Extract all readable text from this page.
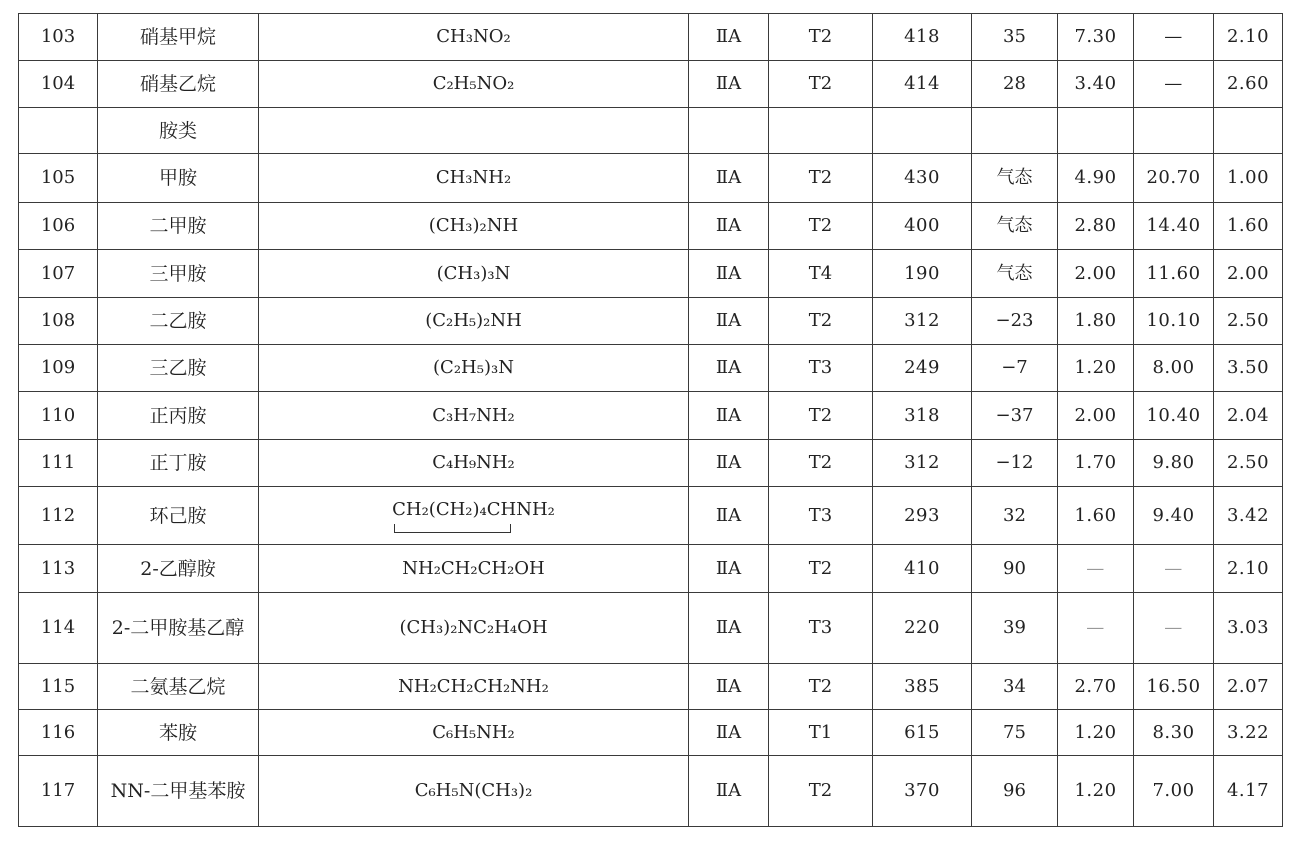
103	硝基甲烷	CH₃NO₂	ⅡA	T2	418	35	7.30	—	2.10
104	硝基乙烷	C₂H₅NO₂	ⅡA	T2	414	28	3.40	—	2.60
	胺类								
105	甲胺	CH₃NH₂	ⅡA	T2	430	气态	4.90	20.70	1.00
106	二甲胺	(CH₃)₂NH	ⅡA	T2	400	气态	2.80	14.40	1.60
107	三甲胺	(CH₃)₃N	ⅡA	T4	190	气态	2.00	11.60	2.00
108	二乙胺	(C₂H₅)₂NH	ⅡA	T2	312	−23	1.80	10.10	2.50
109	三乙胺	(C₂H₅)₃N	ⅡA	T3	249	−7	1.20	8.00	3.50
110	正丙胺	C₃H₇NH₂	ⅡA	T2	318	−37	2.00	10.40	2.04
111	正丁胺	C₄H₉NH₂	ⅡA	T2	312	−12	1.70	9.80	2.50
112	环己胺	CH₂(CH₂)₄CHNH₂	ⅡA	T3	293	32	1.60	9.40	3.42
113	2-乙醇胺	NH₂CH₂CH₂OH	ⅡA	T2	410	90	—	—	2.10
114	2-二甲胺基乙醇	(CH₃)₂NC₂H₄OH	ⅡA	T3	220	39	—	—	3.03
115	二氨基乙烷	NH₂CH₂CH₂NH₂	ⅡA	T2	385	34	2.70	16.50	2.07
116	苯胺	C₆H₅NH₂	ⅡA	T1	615	75	1.20	8.30	3.22
117	NN-二甲基苯胺	C₆H₅N(CH₃)₂	ⅡA	T2	370	96	1.20	7.00	4.17
